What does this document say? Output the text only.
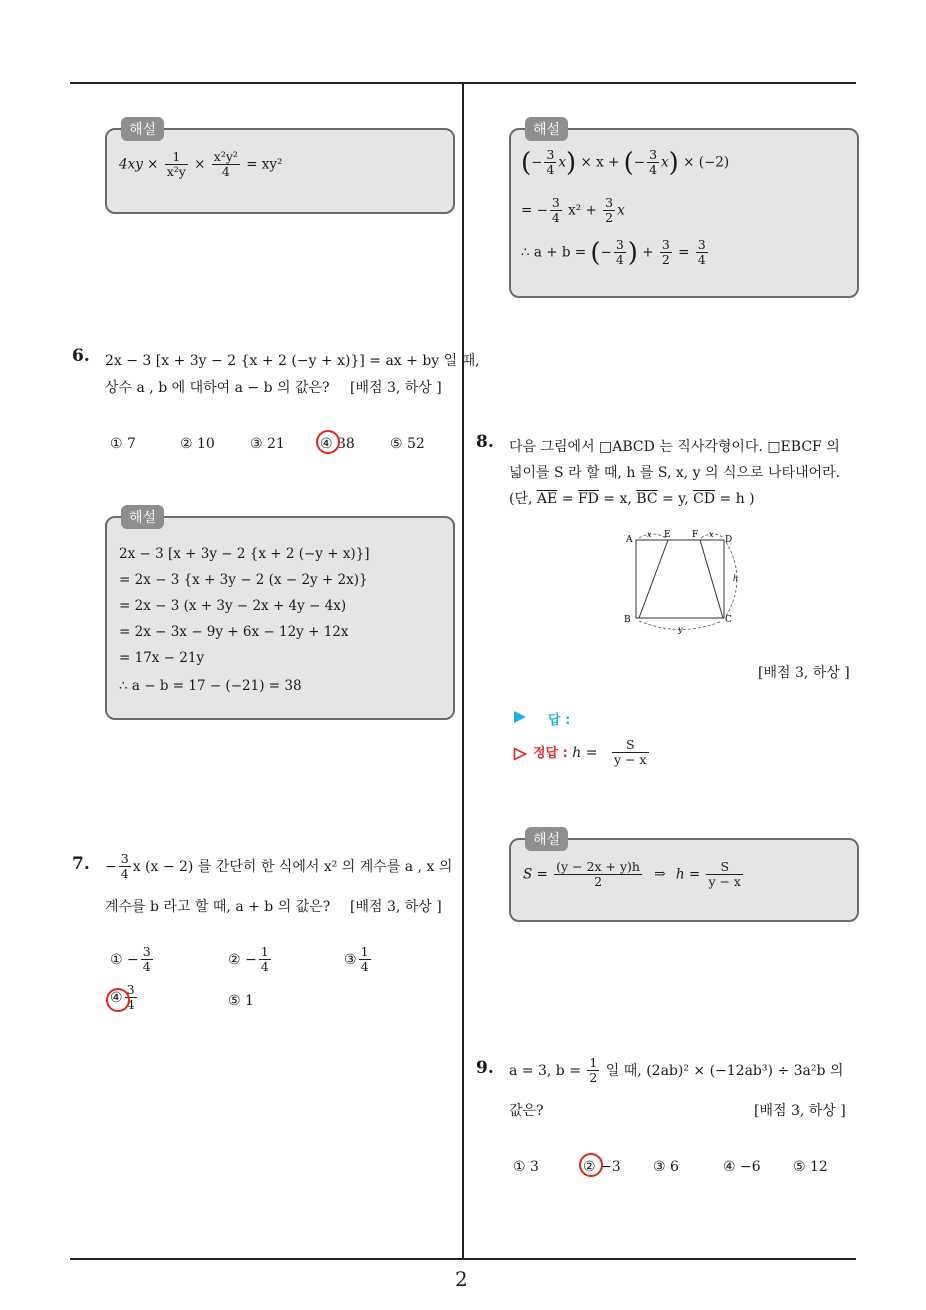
2
해설
$4xy \times \frac{1}{\text{x²y}} \times \frac{\text{x²y²}}{4} = xy^2$
6. 2x − 3 [x + 3y − 2 {x + 2 (−y + x)}] = ax + by 일 때,
상수 a , b 에 대하여 a − b 의 값은? [배점 3, 하상 ]
① 7	② 10	③ 21	④ 38	⑤ 52
해설
2x − 3 [x + 3y − 2 {x + 2 (−y + x)}]
= 2x − 3 {x + 3y − 2 (x − 2y + 2x)}
= 2x − 3 (x + 3y − 2x + 4y − 4x)
= 2x − 3x − 9y + 6x − 12y + 12x
= 17x − 21y
∴ a − b = 17 − (−21) = 38
7. − $\frac{3}{4}$ x (x − 2) 를 간단히 한 식에서 x² 의 계수를 a , x 의
계수를 b 라고 할 때, a + b 의 값은? [배점 3, 하상 ]
① − $\frac{3}{4}$	② − $\frac{1}{4}$	③ $\frac{1}{4}$
④ $\frac{3}{4}$	⑤ 1
해설
(− $\frac{3}{4} x) \times x$ + (− $\frac{3}{4} x) \times (-2)$
= − $\frac{3}{4} x^2 + \frac{3}{2}$ x
∴ a + b = (− $\frac{3}{4}$ ) + $\frac{3}{2} = \frac{3}{4}$
8. 다음 그림에서 □ABCD 는 직사각형이다. □EBCF 의
넓이를 S 라 할 때, h 를 S, x, y 의 식으로 나타내어라.
(단, $\overline{AE} = \overline{FD} = x$, $\overline{BC} = y$, $\overline{CD} = h$ )
A
B	C
D
E F
x	x
h
y
[배점 3, 하상 ]
답 :
정답 : $h = \frac{S}{y - x}$
해설
$S = \frac{(y - 2x + y)h}{2}$ ⇒ $h = \frac{S}{y - x}$
9. a = 3, $b = \frac{1}{2}$ 일 때, (2ab)² × (−12ab³) ÷ 3a²b 의
값은?	[배점 3, 하상 ]
① 3	② −3 ③ 6	④ −6 ⑤ 12
